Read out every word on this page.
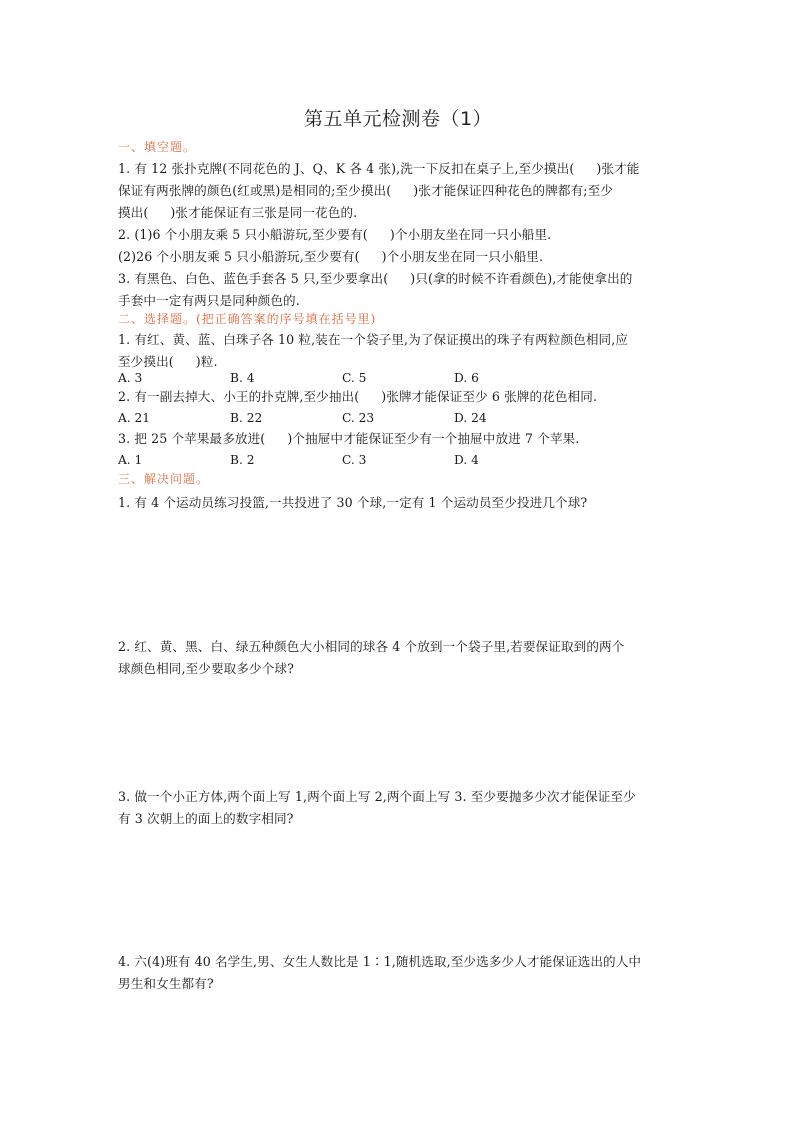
第五单元检测卷（1）
一、填空题。
1. 有 12 张扑克牌(不同花色的 J、Q、K 各 4 张),洗一下反扣在桌子上,至少摸出( )张才能
保证有两张牌的颜色(红或黑)是相同的;至少摸出( )张才能保证四种花色的牌都有;至少
摸出( )张才能保证有三张是同一花色的.
2. (1)6 个小朋友乘 5 只小船游玩,至少要有( )个小朋友坐在同一只小船里.
(2)26 个小朋友乘 5 只小船游玩,至少要有( )个小朋友坐在同一只小船里.
3. 有黑色、白色、蓝色手套各 5 只,至少要拿出( )只(拿的时候不许看颜色),才能使拿出的
手套中一定有两只是同种颜色的.
二、选择题。(把正确答案的序号填在括号里)
1. 有红、黄、蓝、白珠子各 10 粒,装在一个袋子里,为了保证摸出的珠子有两粒颜色相同,应
至少摸出( )粒.
A. 3	B. 4	C. 5	D. 6
2. 有一副去掉大、小王的扑克牌,至少抽出( )张牌才能保证至少 6 张牌的花色相同.
A. 21	B. 22	C. 23	D. 24
3. 把 25 个苹果最多放进( )个抽屉中才能保证至少有一个抽屉中放进 7 个苹果.
A. 1	B. 2	C. 3	D. 4
三、解决问题。
1. 有 4 个运动员练习投篮,一共投进了 30 个球,一定有 1 个运动员至少投进几个球?
2. 红、黄、黑、白、绿五种颜色大小相同的球各 4 个放到一个袋子里,若要保证取到的两个
球颜色相同,至少要取多少个球?
3. 做一个小正方体,两个面上写 1,两个面上写 2,两个面上写 3. 至少要抛多少次才能保证至少
有 3 次朝上的面上的数字相同?
4. 六(4)班有 40 名学生,男、女生人数比是 1∶1,随机选取,至少选多少人才能保证选出的人中
男生和女生都有?
